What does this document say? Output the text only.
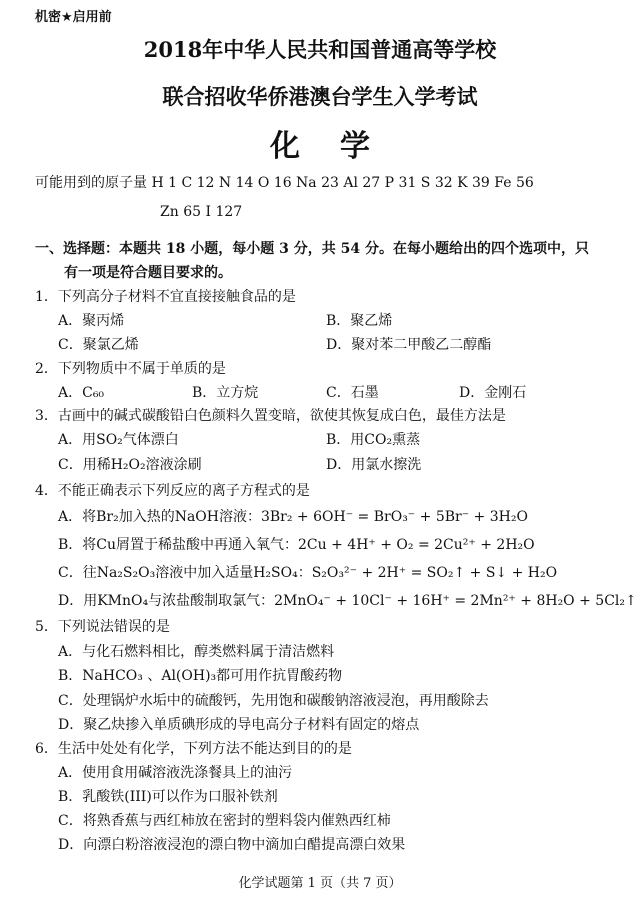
机密★启用前
2018年中华人民共和国普通高等学校
联合招收华侨港澳台学生入学考试
化学
可能用到的原子量 H 1 C 12 N 14 O 16 Na 23 Al 27 P 31 S 32 K 39 Fe 56
Zn 65 I 127
一、选择题：本题共 18 小题，每小题 3 分，共 54 分。在每小题给出的四个选项中，只
有一项是符合题目要求的。
1．下列高分子材料不宜直接接触食品的是
A．聚丙烯	B．聚乙烯
C．聚氯乙烯	D．聚对苯二甲酸乙二醇酯
2．下列物质中不属于单质的是
A．C₆₀	B．立方烷	C．石墨	D．金刚石
3．古画中的碱式碳酸铅白色颜料久置变暗，欲使其恢复成白色，最佳方法是
A．用SO₂气体漂白	B．用CO₂熏蒸
C．用稀H₂O₂溶液涂刷	D．用氯水擦洗
4．不能正确表示下列反应的离子方程式的是
A．将Br₂加入热的NaOH溶液：3Br₂ + 6OH⁻ = BrO₃⁻ + 5Br⁻ + 3H₂O
B．将Cu屑置于稀盐酸中再通入氧气：2Cu + 4H⁺ + O₂ = 2Cu²⁺ + 2H₂O
C．往Na₂S₂O₃溶液中加入适量H₂SO₄：S₂O₃²⁻ + 2H⁺ = SO₂↑ + S↓ + H₂O
D．用KMnO₄与浓盐酸制取氯气：2MnO₄⁻ + 10Cl⁻ + 16H⁺ = 2Mn²⁺ + 8H₂O + 5Cl₂↑
5．下列说法错误的是
A．与化石燃料相比，醇类燃料属于清洁燃料
B．NaHCO₃ 、Al(OH)₃都可用作抗胃酸药物
C．处理锅炉水垢中的硫酸钙，先用饱和碳酸钠溶液浸泡，再用酸除去
D．聚乙炔掺入单质碘形成的导电高分子材料有固定的熔点
6．生活中处处有化学，下列方法不能达到目的的是
A．使用食用碱溶液洗涤餐具上的油污
B．乳酸铁(III)可以作为口服补铁剂
C．将熟香蕉与西红柿放在密封的塑料袋内催熟西红柿
D．向漂白粉溶液浸泡的漂白物中滴加白醋提高漂白效果
化学试题第 1 页（共 7 页）
